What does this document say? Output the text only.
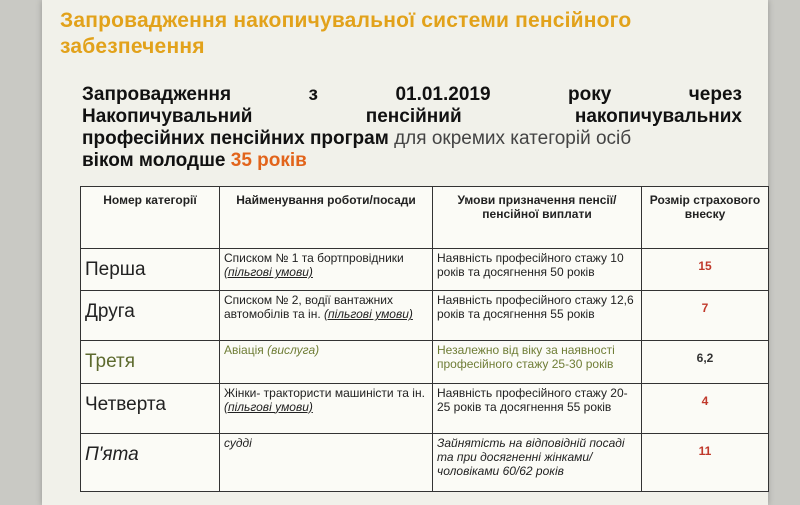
Запровадження накопичувальної системи пенсійного забезпечення
Запровадження з 01.01.2019 року через
Накопичувальний пенсійний накопичувальних
професійних пенсійних програм для окремих категорій осіб
віком молодше 35 років
Номер категорії	Найменування роботи/посади	Умови призначення пенсії/пенсійної виплати	Розмір страхового внеску
Перша	Списком № 1 та бортпровідники (пільгові умови)	Наявність професійного стажу 10 років та досягнення 50 років	15
Друга	Списком № 2, водії вантажних автомобілів та ін. (пільгові умови)	Наявність професійного стажу 12,6 років та досягнення 55 років	7
Третя	Авіація (вислуга)	Незалежно від віку за наявності професійного стажу 25-30 років	6,2
Четверта	Жінки- трактористи машиністи та ін. (пільгові умови)	Наявність професійного стажу 20-25 років та досягнення 55 років	4
П'ята	судді	Зайнятість на відповідній посаді та при досягненні жінками/чоловіками 60/62 років	11
